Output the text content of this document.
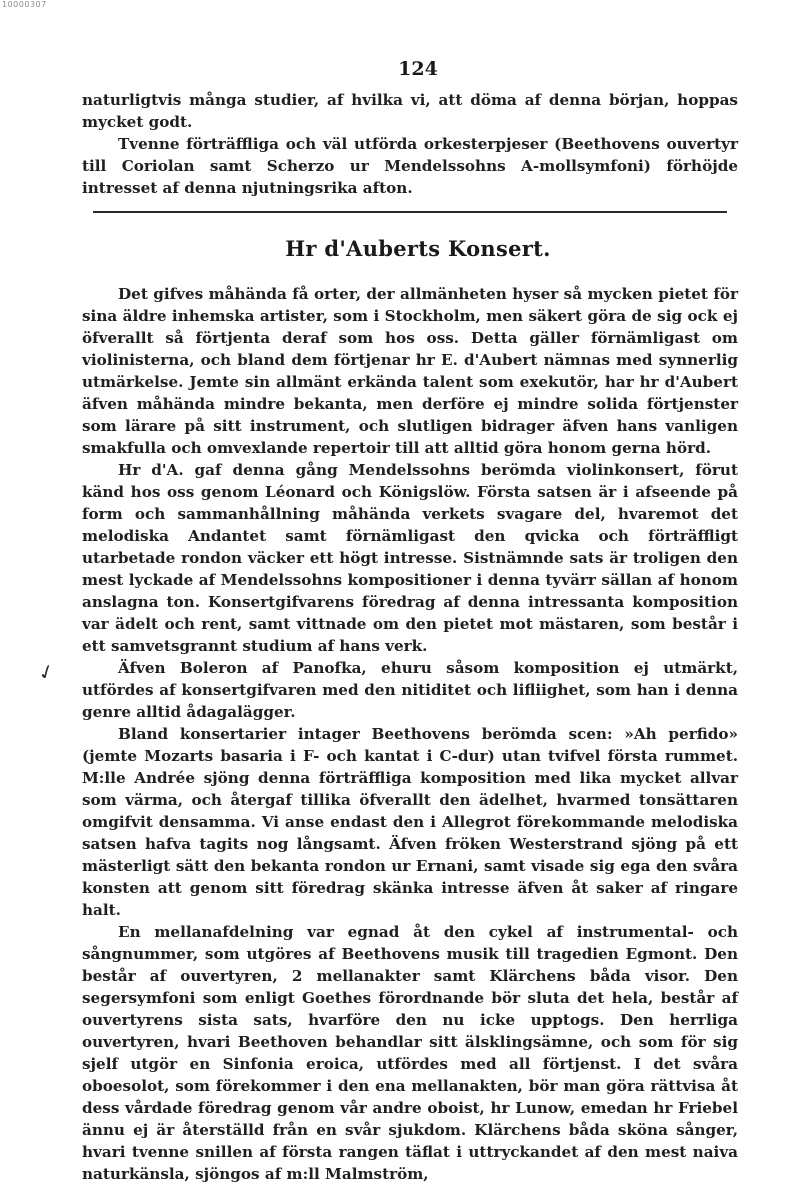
10000307
124

naturligtvis många studier, af hvilka vi, att döma af denna början, hoppas mycket godt.

Tvenne förträffliga och väl utförda orkesterpjeser (Beethovens ouvertyr till Coriolan samt Scherzo ur Mendelssohns A-mollsymfoni) förhöjde intresset af denna njutningsrika afton.

Hr d'Auberts Konsert.

Det gifves måhända få orter, der allmänheten hyser så mycken pietet för sina äldre inhemska artister, som i Stockholm, men säkert göra de sig ock ej öfverallt så förtjenta deraf som hos oss. Detta gäller förnämligast om violinisterna, och bland dem förtjenar hr E. d'Aubert nämnas med synnerlig utmärkelse. Jemte sin allmänt erkända talent som exekutör, har hr d'Aubert äfven måhända mindre bekanta, men derföre ej mindre solida förtjenster som lärare på sitt instrument, och slutligen bidrager äfven hans vanligen smakfulla och omvexlande repertoir till att alltid göra honom gerna hörd.

Hr d'A. gaf denna gång Mendelssohns berömda violinkonsert, förut känd hos oss genom Léonard och Königslöw. Första satsen är i afseende på form och sammanhållning måhända verkets svagare del, hvaremot det melodiska Andantet samt förnämligast den qvicka och förträffligt utarbetade rondon väcker ett högt intresse. Sistnämnde sats är troligen den mest lyckade af Mendelssohns kompositioner i denna tyvärr sällan af honom anslagna ton. Konsertgifvarens föredrag af denna intressanta komposition var ädelt och rent, samt vittnade om den pietet mot mästaren, som består i ett samvetsgrannt studium af hans verk.

Äfven Boleron af Panofka, ehuru såsom komposition ej utmärkt, utfördes af konsertgifvaren med den nitiditet och lifliighet, som han i denna genre alltid ådagalägger.

Bland konsertarier intager Beethovens berömda scen: »Ah perfido» (jemte Mozarts basaria i F- och kantat i C-dur) utan tvifvel första rummet. M:lle Andrée sjöng denna förträffliga komposition med lika mycket allvar som värma, och återgaf tillika öfverallt den ädelhet, hvarmed tonsättaren omgifvit densamma. Vi anse endast den i Allegrot förekommande melodiska satsen hafva tagits nog långsamt. Äfven fröken Westerstrand sjöng på ett mästerligt sätt den bekanta rondon ur Ernani, samt visade sig ega den svåra konsten att genom sitt föredrag skänka intresse äfven åt saker af ringare halt.

En mellanafdelning var egnad åt den cykel af instrumental- och sångnummer, som utgöres af Beethovens musik till tragedien Egmont. Den består af ouvertyren, 2 mellanakter samt Klärchens båda visor. Den segersymfoni som enligt Goethes förordnande bör sluta det hela, består af ouvertyrens sista sats, hvarföre den nu icke upptogs. Den herrliga ouvertyren, hvari Beethoven behandlar sitt älsklingsämne, och som för sig sjelf utgör en Sinfonia eroica, utfördes med all förtjenst. I det svåra oboesolot, som förekommer i den ena mellanakten, bör man göra rättvisa åt dess vårdade föredrag genom vår andre oboist, hr Lunow, emedan hr Friebel ännu ej är återställd från en svår sjukdom. Klärchens båda sköna sånger, hvari tvenne snillen af första rangen täflat i uttryckandet af den mest naiva naturkänsla, sjöngos af m:ll Malmström,

✓
